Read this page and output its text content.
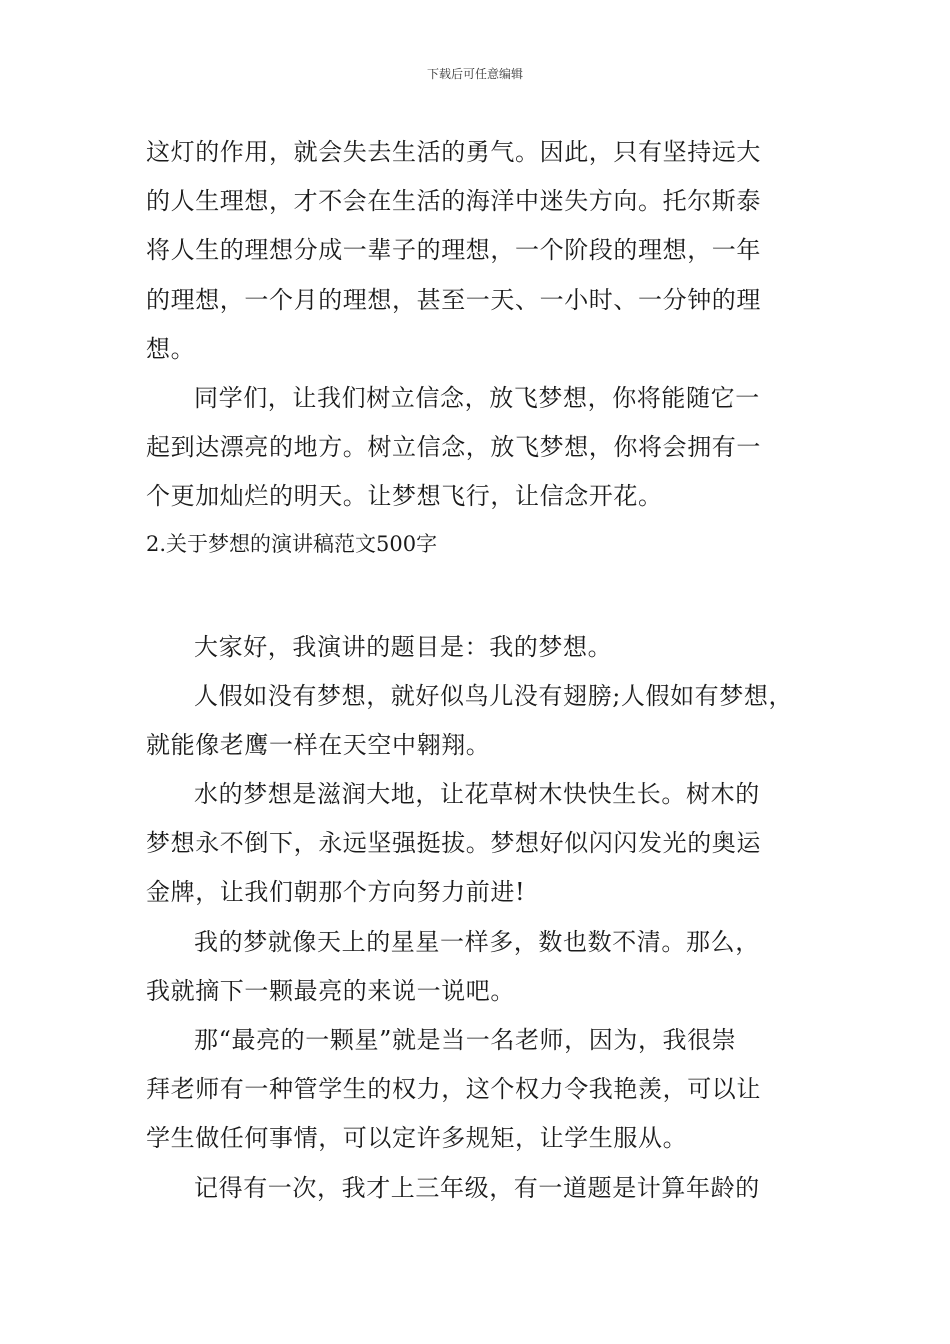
下载后可任意编辑
这灯的作用，就会失去生活的勇气。因此，只有坚持远大
的人生理想，才不会在生活的海洋中迷失方向。托尔斯泰
将人生的理想分成一辈子的理想，一个阶段的理想，一年
的理想，一个月的理想，甚至一天、一小时、一分钟的理
想。
同学们，让我们树立信念，放飞梦想，你将能随它一
起到达漂亮的地方。树立信念，放飞梦想，你将会拥有一
个更加灿烂的明天。让梦想飞行，让信念开花。
2.关于梦想的演讲稿范文500字
大家好，我演讲的题目是：我的梦想。
人假如没有梦想，就好似鸟儿没有翅膀;人假如有梦想，
就能像老鹰一样在天空中翱翔。
水的梦想是滋润大地，让花草树木快快生长。树木的
梦想永不倒下，永远坚强挺拔。梦想好似闪闪发光的奥运
金牌，让我们朝那个方向努力前进!
我的梦就像天上的星星一样多，数也数不清。那么，
我就摘下一颗最亮的来说一说吧。
那“最亮的一颗星”就是当一名老师，因为，我很崇
拜老师有一种管学生的权力，这个权力令我艳羡，可以让
学生做任何事情，可以定许多规矩，让学生服从。
记得有一次，我才上三年级，有一道题是计算年龄的
